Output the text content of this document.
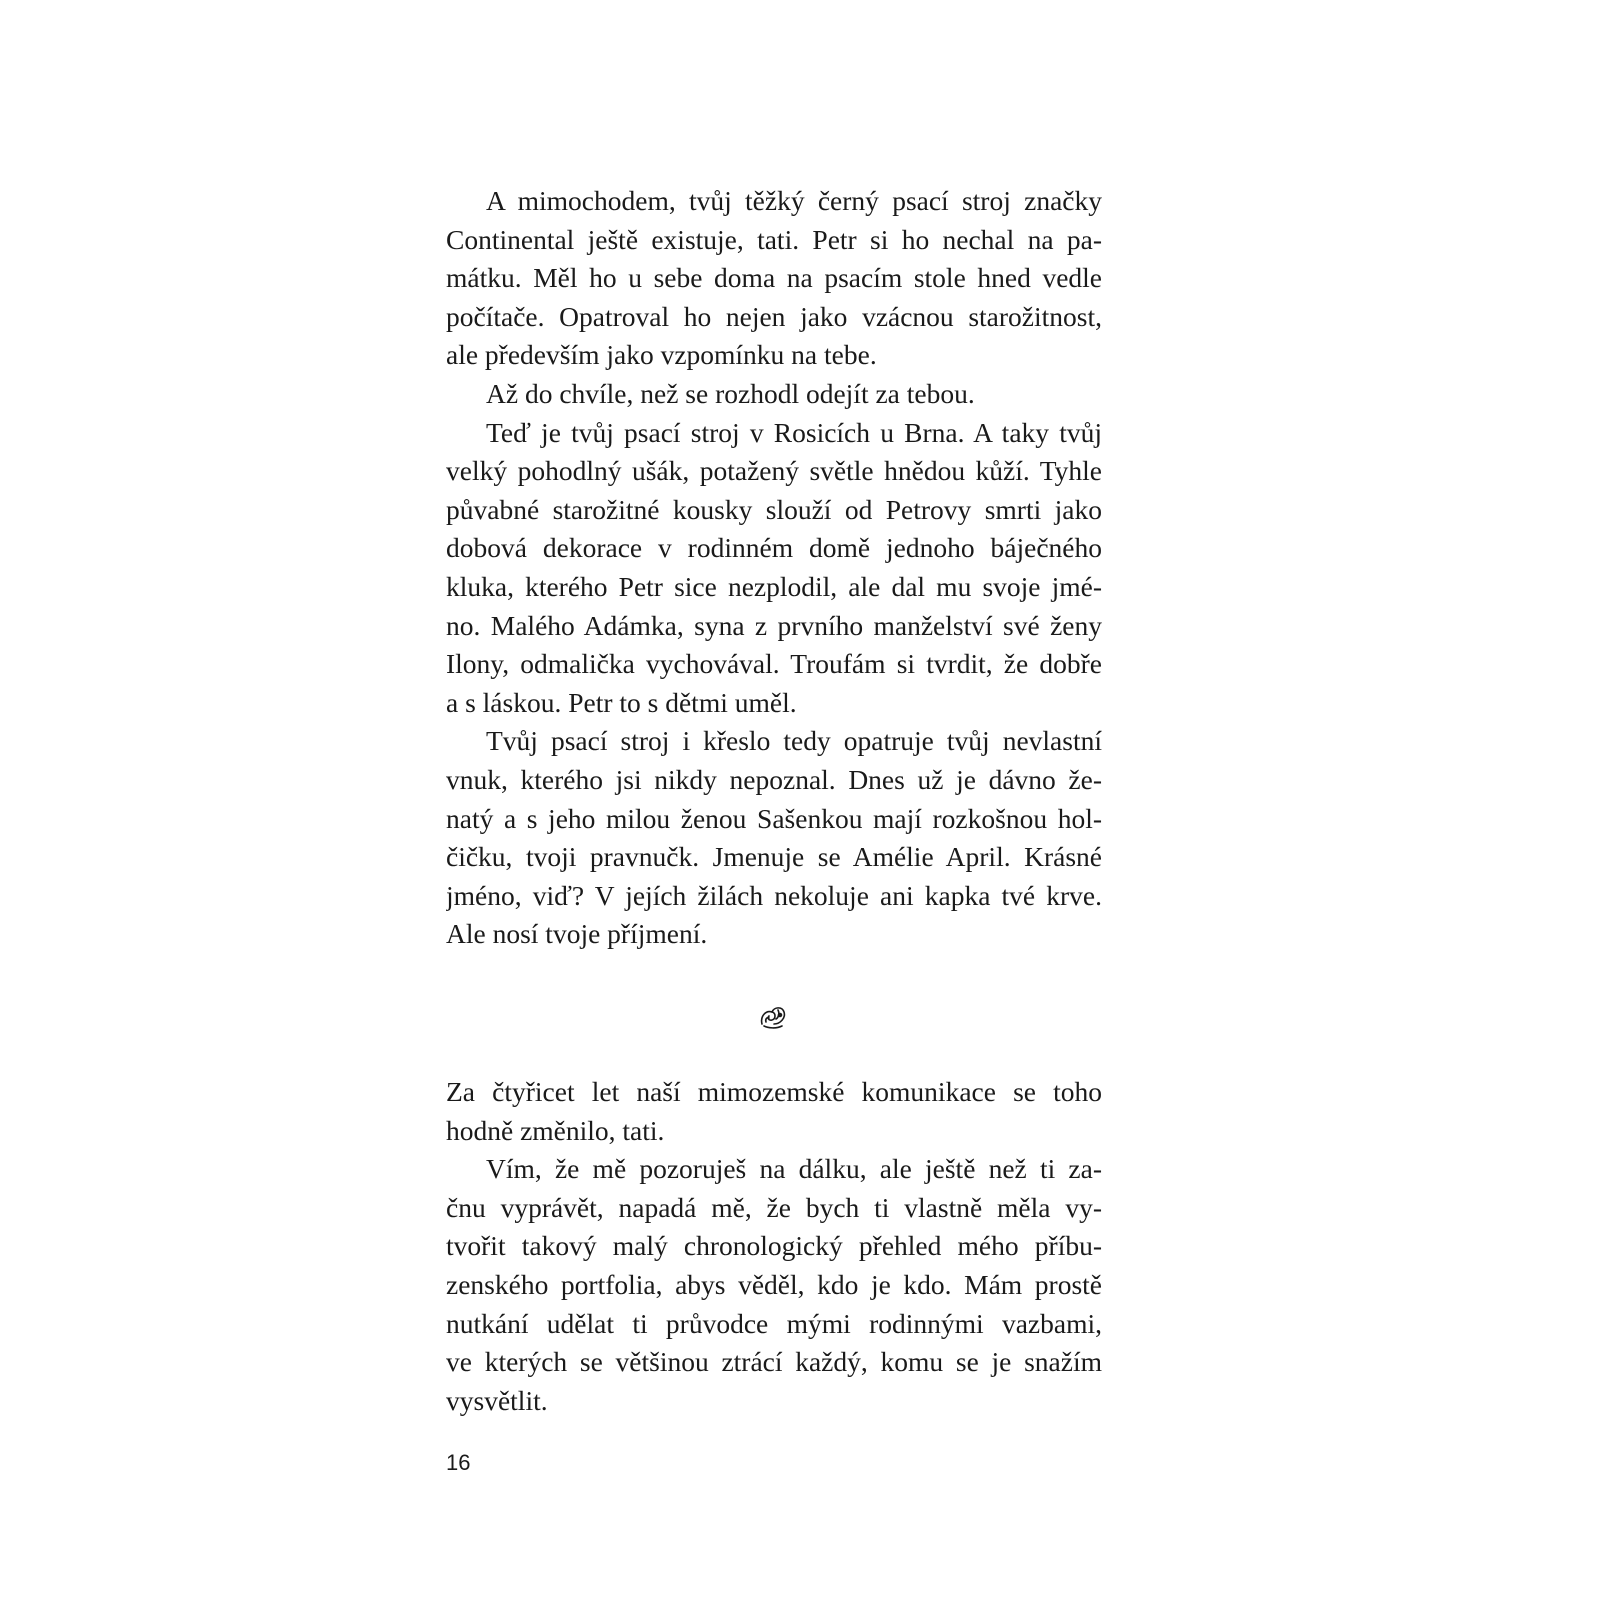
A mimochodem, tvůj těžký černý psací stroj značky
Continental ještě existuje, tati. Petr si ho nechal na pa-
mátku. Měl ho u sebe doma na psacím stole hned vedle
počítače. Opatroval ho nejen jako vzácnou starožitnost,
ale především jako vzpomínku na tebe.
Až do chvíle, než se rozhodl odejít za tebou.
Teď je tvůj psací stroj v Rosicích u Brna. A taky tvůj
velký pohodlný ušák, potažený světle hnědou kůží. Tyhle
půvabné starožitné kousky slouží od Petrovy smrti jako
dobová dekorace v rodinném domě jednoho báječného
kluka, kterého Petr sice nezplodil, ale dal mu svoje jmé-
no. Malého Adámka, syna z prvního manželství své ženy
Ilony, odmalička vychovával. Troufám si tvrdit, že dobře
a s láskou. Petr to s dětmi uměl.
Tvůj psací stroj i křeslo tedy opatruje tvůj nevlastní
vnuk, kterého jsi nikdy nepoznal. Dnes už je dávno že-
natý a s jeho milou ženou Sašenkou mají rozkošnou hol-
čičku, tvoji pravnučk. Jmenuje se Amélie April. Krásné
jméno, viď? V jejích žilách nekoluje ani kapka tvé krve.
Ale nosí tvoje příjmení.
Za čtyřicet let naší mimozemské komunikace se toho
hodně změnilo, tati.
Vím, že mě pozoruješ na dálku, ale ještě než ti za-
čnu vyprávět, napadá mě, že bych ti vlastně měla vy-
tvořit takový malý chronologický přehled mého příbu-
zenského portfolia, abys věděl, kdo je kdo. Mám prostě
nutkání udělat ti průvodce mými rodinnými vazbami,
ve kterých se většinou ztrácí každý, komu se je snažím
vysvětlit.
16
